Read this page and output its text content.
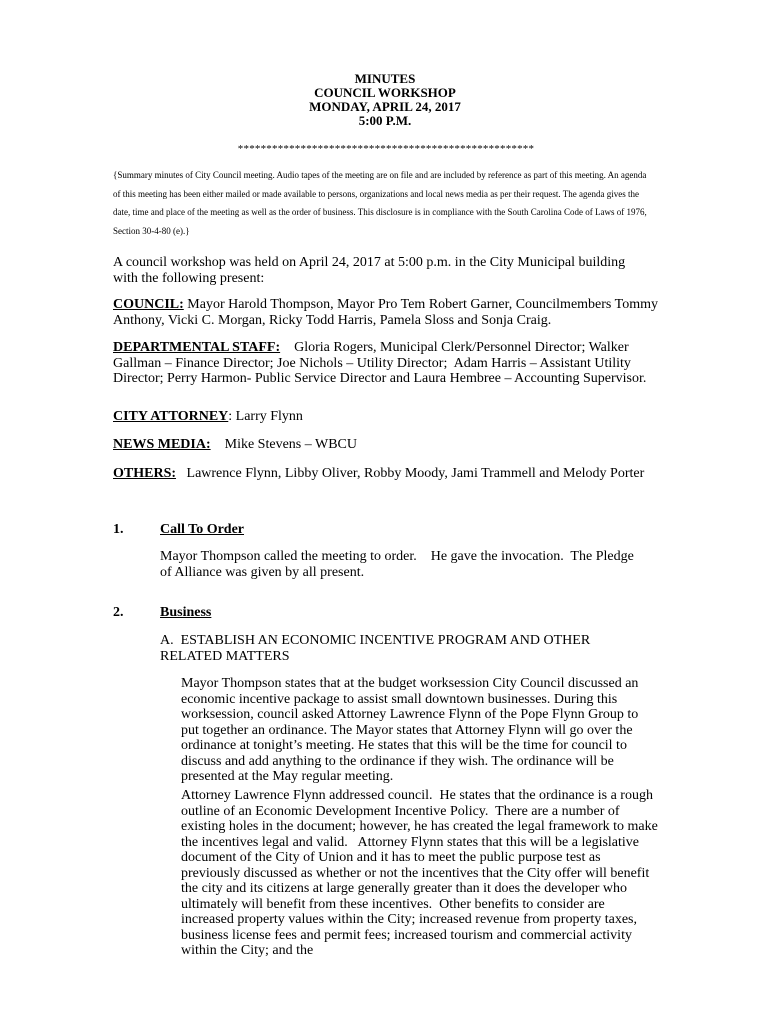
MINUTES
COUNCIL WORKSHOP
MONDAY, APRIL 24, 2017
5:00 P.M.
****************************************************
{Summary minutes of City Council meeting. Audio tapes of the meeting are on file and are included by reference as part of this meeting. An agenda of this meeting has been either mailed or made available to persons, organizations and local news media as per their request. The agenda gives the date, time and place of the meeting as well as the order of business. This disclosure is in compliance with the South Carolina Code of Laws of 1976, Section 30-4-80 (e).}
A council workshop was held on April 24, 2017 at 5:00 p.m. in the City Municipal building with the following present:
COUNCIL: Mayor Harold Thompson, Mayor Pro Tem Robert Garner, Councilmembers Tommy Anthony, Vicki C. Morgan, Ricky Todd Harris, Pamela Sloss and Sonja Craig.
DEPARTMENTAL STAFF:    Gloria Rogers, Municipal Clerk/Personnel Director; Walker Gallman – Finance Director; Joe Nichols – Utility Director;  Adam Harris – Assistant Utility Director; Perry Harmon- Public Service Director and Laura Hembree – Accounting Supervisor.
CITY ATTORNEY: Larry Flynn
NEWS MEDIA:    Mike Stevens – WBCU
OTHERS:   Lawrence Flynn, Libby Oliver, Robby Moody, Jami Trammell and Melody Porter
1.	Call To Order
Mayor Thompson called the meeting to order.    He gave the invocation.  The Pledge of Alliance was given by all present.
2.	Business
A.  ESTABLISH AN ECONOMIC INCENTIVE PROGRAM AND OTHER RELATED MATTERS
Mayor Thompson states that at the budget worksession City Council discussed an economic incentive package to assist small downtown businesses. During this worksession, council asked Attorney Lawrence Flynn of the Pope Flynn Group to put together an ordinance. The Mayor states that Attorney Flynn will go over the ordinance at tonight’s meeting. He states that this will be the time for council to discuss and add anything to the ordinance if they wish. The ordinance will be presented at the May regular meeting.
Attorney Lawrence Flynn addressed council.  He states that the ordinance is a rough outline of an Economic Development Incentive Policy.  There are a number of existing holes in the document; however, he has created the legal framework to make the incentives legal and valid.   Attorney Flynn states that this will be a legislative document of the City of Union and it has to meet the public purpose test as previously discussed as whether or not the incentives that the City offer will benefit the city and its citizens at large generally greater than it does the developer who ultimately will benefit from these incentives.  Other benefits to consider are increased property values within the City; increased revenue from property taxes, business license fees and permit fees; increased tourism and commercial activity within the City; and the
